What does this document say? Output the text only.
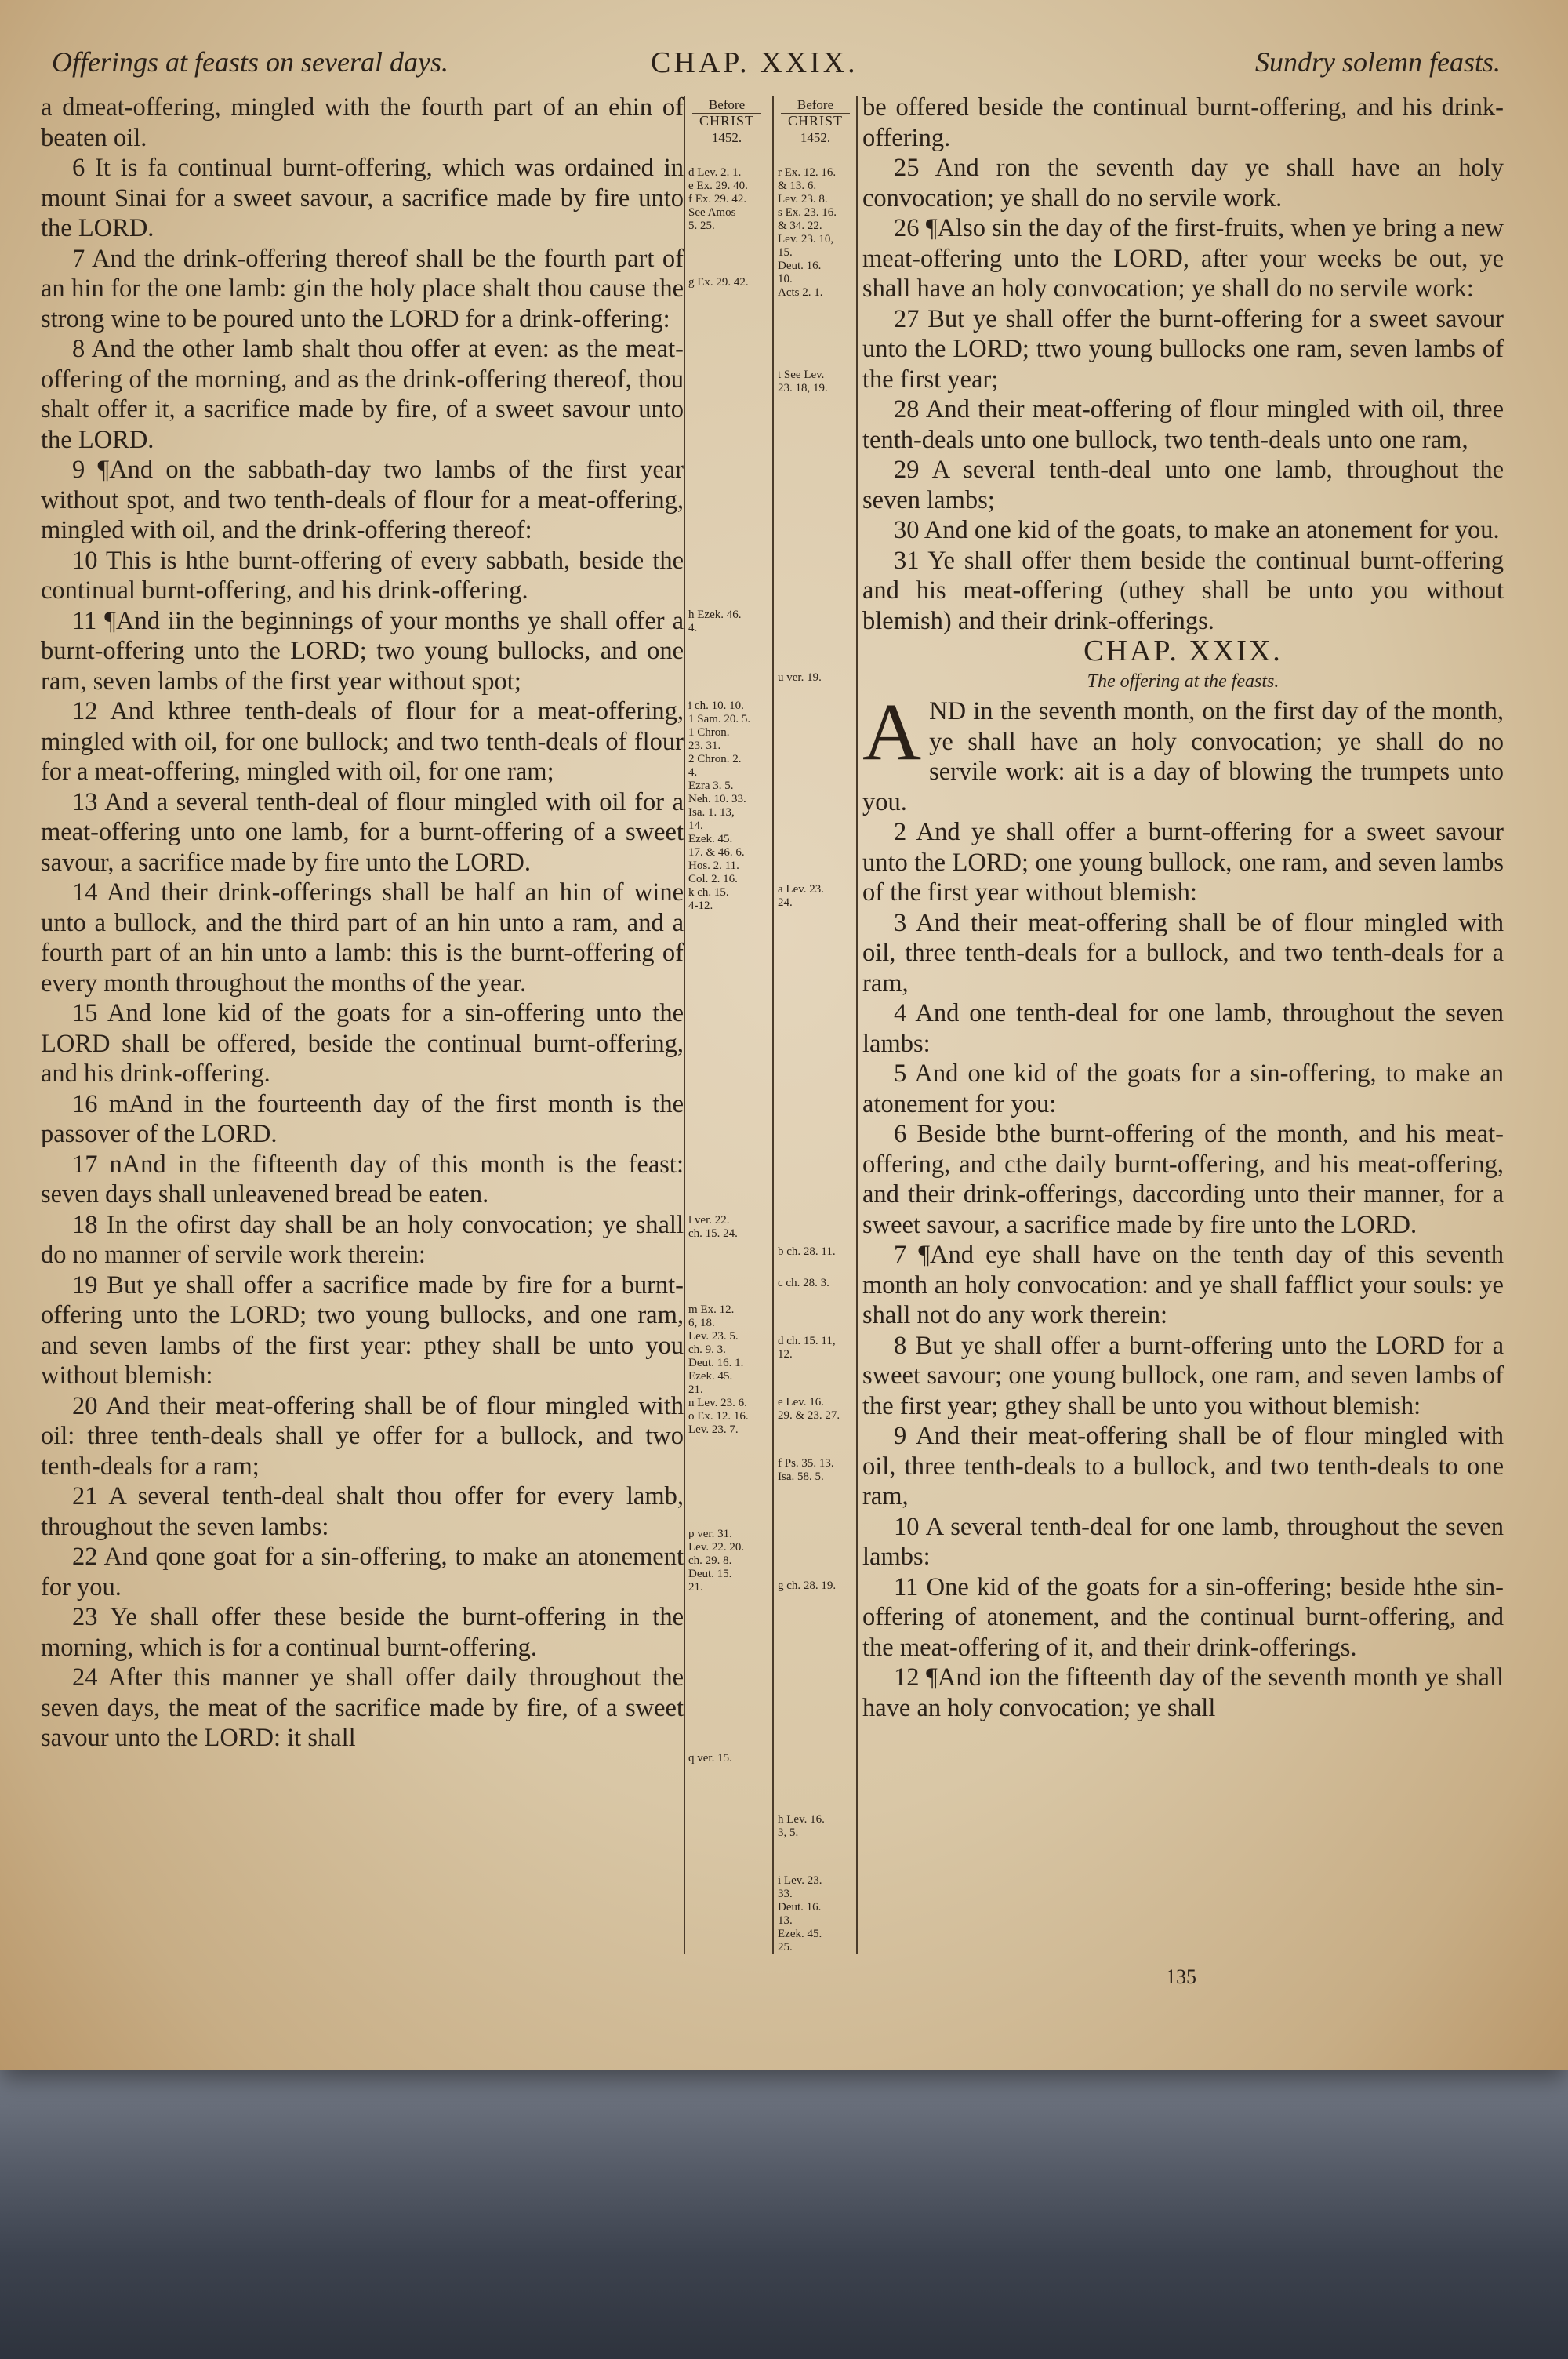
Offerings at feasts on several days.	CHAP. XXIX.	Sundry solemn feasts.
Before
CHRIST
1452.
Before
CHRIST
1452.

a dmeat-offering, mingled with the fourth part of an ehin of beaten oil.

6 It is fa continual burnt-offering, which was ordained in mount Sinai for a sweet savour, a sacrifice made by fire unto the LORD.

7 And the drink-offering thereof shall be the fourth part of an hin for the one lamb: gin the holy place shalt thou cause the strong wine to be poured unto the LORD for a drink-offering:

8 And the other lamb shalt thou offer at even: as the meat-offering of the morning, and as the drink-offering thereof, thou shalt offer it, a sacrifice made by fire, of a sweet savour unto the LORD.

9 ¶And on the sabbath-day two lambs of the first year without spot, and two tenth-deals of flour for a meat-offering, mingled with oil, and the drink-offering thereof:

10 This is hthe burnt-offering of every sabbath, beside the continual burnt-offering, and his drink-offering.

11 ¶And iin the beginnings of your months ye shall offer a burnt-offering unto the LORD; two young bullocks, and one ram, seven lambs of the first year without spot;

12 And kthree tenth-deals of flour for a meat-offering, mingled with oil, for one bullock; and two tenth-deals of flour for a meat-offering, mingled with oil, for one ram;

13 And a several tenth-deal of flour mingled with oil for a meat-offering unto one lamb, for a burnt-offering of a sweet savour, a sacrifice made by fire unto the LORD.

14 And their drink-offerings shall be half an hin of wine unto a bullock, and the third part of an hin unto a ram, and a fourth part of an hin unto a lamb: this is the burnt-offering of every month throughout the months of the year.

15 And lone kid of the goats for a sin-offering unto the LORD shall be offered, beside the continual burnt-offering, and his drink-offering.

16 mAnd in the fourteenth day of the first month is the passover of the LORD.

17 nAnd in the fifteenth day of this month is the feast: seven days shall unleavened bread be eaten.

18 In the ofirst day shall be an holy convocation; ye shall do no manner of servile work therein:

19 But ye shall offer a sacrifice made by fire for a burnt-offering unto the LORD; two young bullocks, and one ram, and seven lambs of the first year: pthey shall be unto you without blemish:

20 And their meat-offering shall be of flour mingled with oil: three tenth-deals shall ye offer for a bullock, and two tenth-deals for a ram;

21 A several tenth-deal shalt thou offer for every lamb, throughout the seven lambs:

22 And qone goat for a sin-offering, to make an atonement for you.

23 Ye shall offer these beside the burnt-offering in the morning, which is for a continual burnt-offering.

24 After this manner ye shall offer daily throughout the seven days, the meat of the sacrifice made by fire, of a sweet savour unto the LORD: it shall

d Lev. 2. 1.
e Ex. 29. 40.
f Ex. 29. 42.
See Amos
5. 25.
g Ex. 29. 42.
h Ezek. 46.
4.
i ch. 10. 10.
1 Sam. 20. 5.
1 Chron.
23. 31.
2 Chron. 2.
4.
Ezra 3. 5.
Neh. 10. 33.
Isa. 1. 13,
14.
Ezek. 45.
17. & 46. 6.
Hos. 2. 11.
Col. 2. 16.
k ch. 15.
4-12.
l ver. 22.
ch. 15. 24.
m Ex. 12.
6, 18.
Lev. 23. 5.
ch. 9. 3.
Deut. 16. 1.
Ezek. 45.
21.
n Lev. 23. 6.
o Ex. 12. 16.
Lev. 23. 7.
p ver. 31.
Lev. 22. 20.
ch. 29. 8.
Deut. 15.
21.
q ver. 15.
r Ex. 12. 16.
& 13. 6.
Lev. 23. 8.
s Ex. 23. 16.
& 34. 22.
Lev. 23. 10,
15.
Deut. 16.
10.
Acts 2. 1.
t See Lev.
23. 18, 19.
u ver. 19.
a Lev. 23.
24.
b ch. 28. 11.
c ch. 28. 3.
d ch. 15. 11,
12.
e Lev. 16.
29. & 23. 27.
f Ps. 35. 13.
Isa. 58. 5.
g ch. 28. 19.
h Lev. 16.
3, 5.
i Lev. 23.
33.
Deut. 16.
13.
Ezek. 45.
25.

be offered beside the continual burnt-offering, and his drink-offering.

25 And ron the seventh day ye shall have an holy convocation; ye shall do no servile work.

26 ¶Also sin the day of the first-fruits, when ye bring a new meat-offering unto the LORD, after your weeks be out, ye shall have an holy convocation; ye shall do no servile work:

27 But ye shall offer the burnt-offering for a sweet savour unto the LORD; ttwo young bullocks one ram, seven lambs of the first year;

28 And their meat-offering of flour mingled with oil, three tenth-deals unto one bullock, two tenth-deals unto one ram,

29 A several tenth-deal unto one lamb, throughout the seven lambs;

30 And one kid of the goats, to make an atonement for you.

31 Ye shall offer them beside the continual burnt-offering and his meat-offering (uthey shall be unto you without blemish) and their drink-offerings.

CHAP. XXIX.

The offering at the feasts.

AND in the seventh month, on the first day of the month, ye shall have an holy convocation; ye shall do no servile work: ait is a day of blowing the trumpets unto you.

2 And ye shall offer a burnt-offering for a sweet savour unto the LORD; one young bullock, one ram, and seven lambs of the first year without blemish:

3 And their meat-offering shall be of flour mingled with oil, three tenth-deals for a bullock, and two tenth-deals for a ram,

4 And one tenth-deal for one lamb, throughout the seven lambs:

5 And one kid of the goats for a sin-offering, to make an atonement for you:

6 Beside bthe burnt-offering of the month, and his meat-offering, and cthe daily burnt-offering, and his meat-offering, and their drink-offerings, daccording unto their manner, for a sweet savour, a sacrifice made by fire unto the LORD.

7 ¶And eye shall have on the tenth day of this seventh month an holy convocation: and ye shall fafflict your souls: ye shall not do any work therein:

8 But ye shall offer a burnt-offering unto the LORD for a sweet savour; one young bullock, one ram, and seven lambs of the first year; gthey shall be unto you without blemish:

9 And their meat-offering shall be of flour mingled with oil, three tenth-deals to a bullock, and two tenth-deals to one ram,

10 A several tenth-deal for one lamb, throughout the seven lambs:

11 One kid of the goats for a sin-offering; beside hthe sin-offering of atonement, and the continual burnt-offering, and the meat-offering of it, and their drink-offerings.

12 ¶And ion the fifteenth day of the seventh month ye shall have an holy convocation; ye shall

135
